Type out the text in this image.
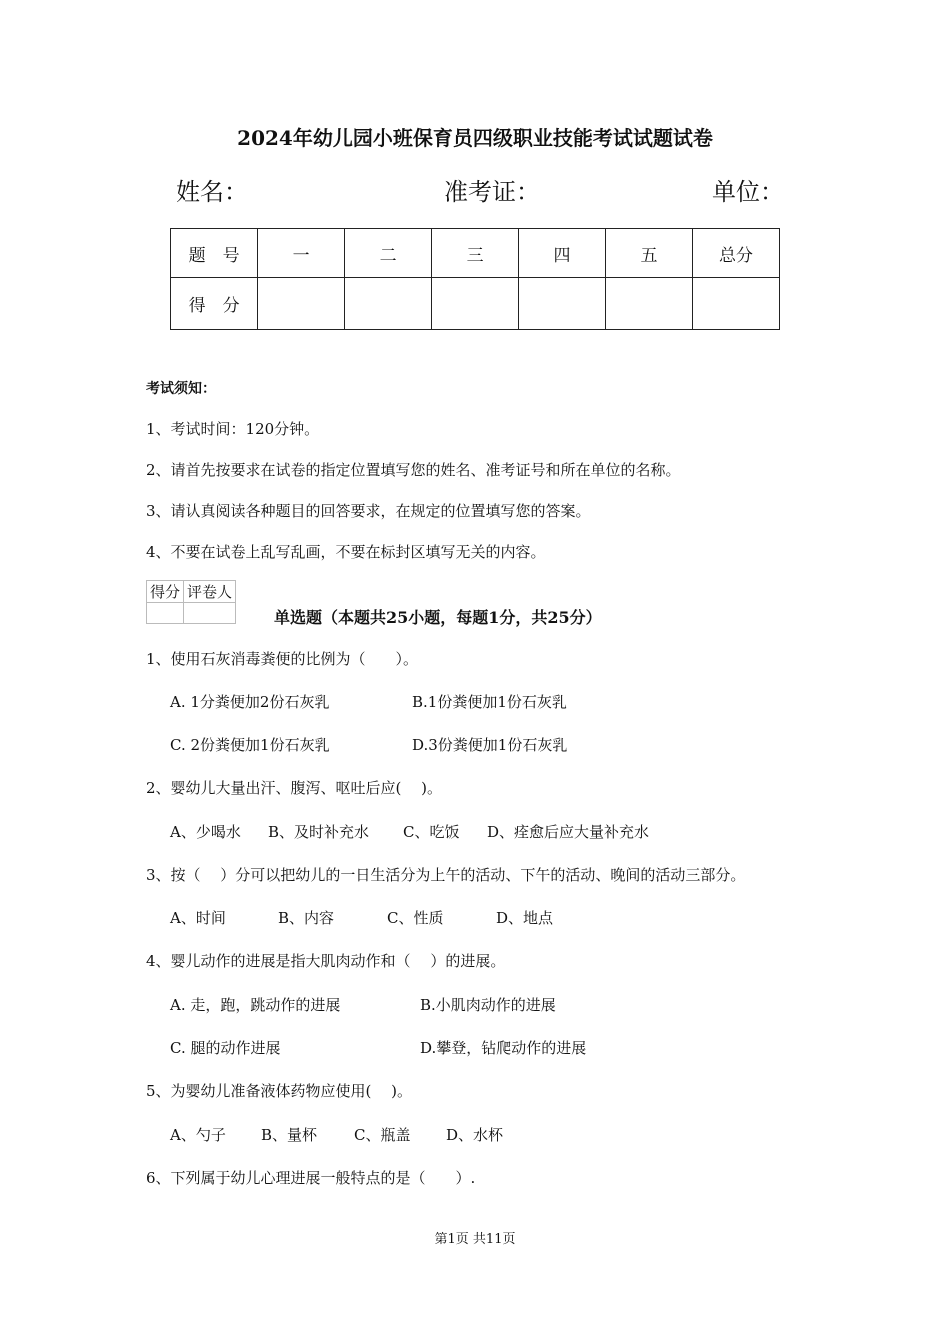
2024年幼儿园小班保育员四级职业技能考试试题试卷
姓名：	准考证：	单位：
题　号	一	二	三	四	五	总分
得　分						
考试须知：
1、考试时间：120分钟。
2、请首先按要求在试卷的指定位置填写您的姓名、准考证号和所在单位的名称。
3、请认真阅读各种题目的回答要求，在规定的位置填写您的答案。
4、不要在试卷上乱写乱画，不要在标封区填写无关的内容。
得分	评卷人

单选题（本题共25小题，每题1分，共25分）
1、使用石灰消毒粪便的比例为（　　）。
A. 1分粪便加2份石灰乳	B.1份粪便加1份石灰乳
C. 2份粪便加1份石灰乳	D.3份粪便加1份石灰乳
2、婴幼儿大量出汗、腹泻、呕吐后应(　 )。
A、少喝水 B、及时补充水 C、吃饭 D、痊愈后应大量补充水
3、按（　 ）分可以把幼儿的一日生活分为上午的活动、下午的活动、晚间的活动三部分。
A、时间	B、内容	C、性质	D、地点
4、婴儿动作的进展是指大肌肉动作和（　 ）的进展。
A. 走，跑，跳动作的进展	B.小肌肉动作的进展
C. 腿的动作进展	D.攀登，钻爬动作的进展
5、为婴幼儿准备液体药物应使用(　 )。
A、勺子 B、量杯 C、瓶盖 D、水杯
6、下列属于幼儿心理进展一般特点的是（　　）.
第1页 共11页
